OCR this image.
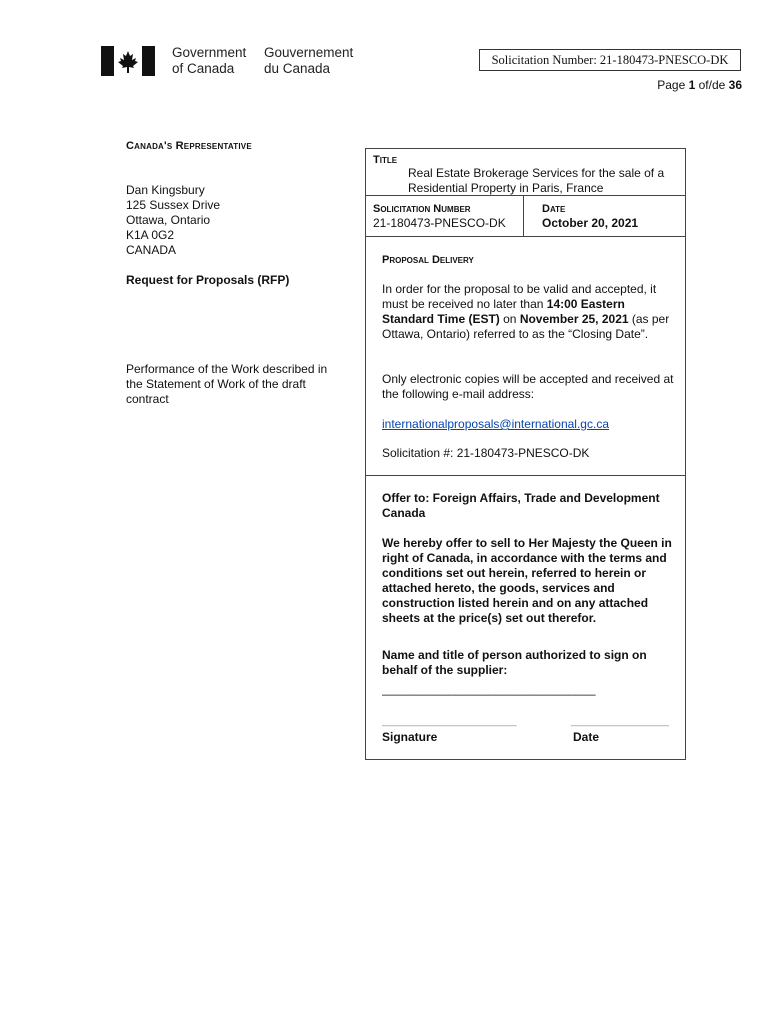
Government
of Canada
Gouvernement
du Canada
Solicitation Number: 21-180473-PNESCO-DK
Page 1 of/de 36
Canada's Representative
Dan Kingsbury
125 Sussex Drive
Ottawa, Ontario
K1A 0G2
CANADA
Request for Proposals (RFP)
Performance of the Work described in the Statement of Work of the draft contract
Title
Real Estate Brokerage Services for the sale of a Residential Property in Paris, France
Solicitation Number
21-180473-PNESCO-DK
Date
October 20, 2021
Proposal Delivery
In order for the proposal to be valid and accepted, it must be received no later than 14:00 Eastern Standard Time (EST) on November 25, 2021 (as per Ottawa, Ontario) referred to as the “Closing Date”.
Only electronic copies will be accepted and received at the following e-mail address:
internationalproposals@international.gc.ca
Solicitation #: 21-180473-PNESCO-DK
Offer to: Foreign Affairs, Trade and Development Canada
We hereby offer to sell to Her Majesty the Queen in right of Canada, in accordance with the terms and conditions set out herein, referred to herein or attached hereto, the goods, services and construction listed herein and on any attached sheets at the price(s) set out therefor.
Name and title of person authorized to sign on behalf of the supplier:
________________________________
______________________	________________
Signature	Date
